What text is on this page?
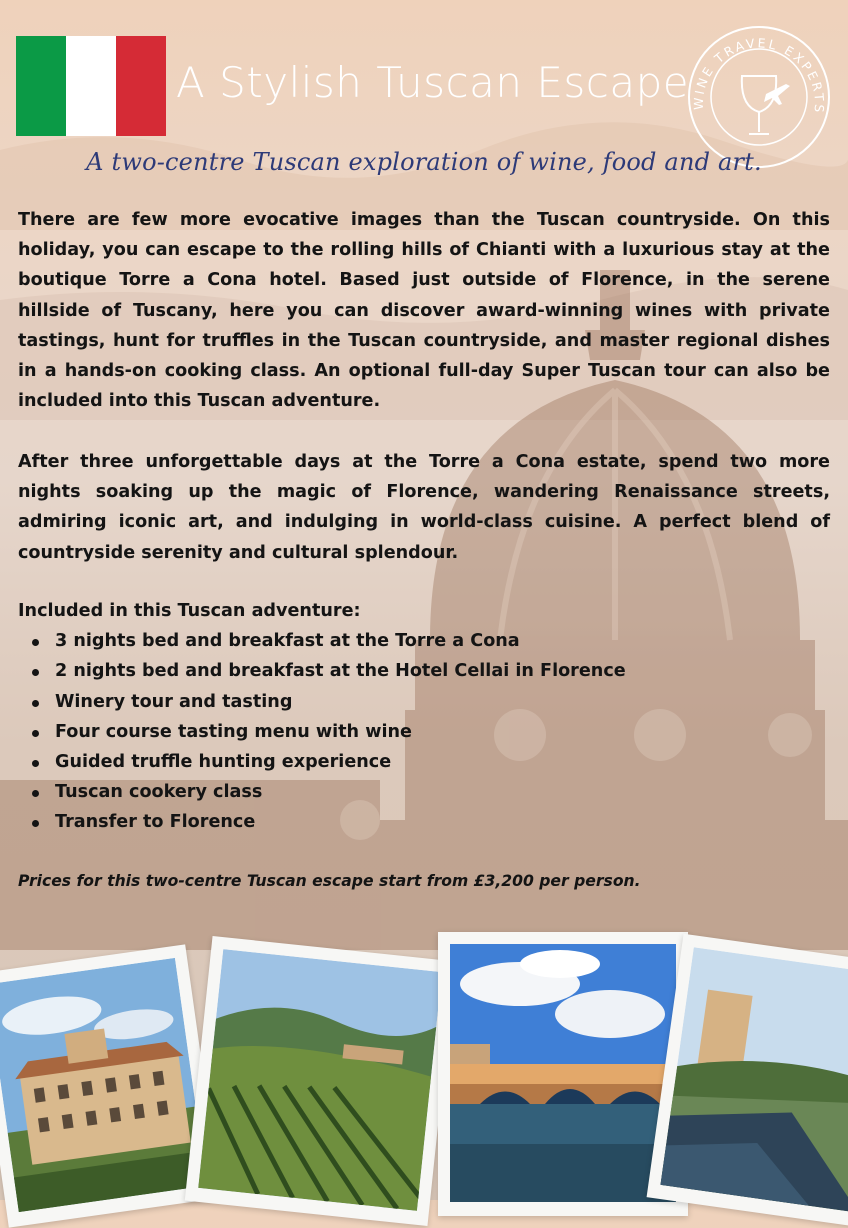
A Stylish Tuscan Escape WINE TRAVEL EXPERTS
A two-centre Tuscan exploration of wine, food and art.

There are few more evocative images than the Tuscan countryside. On this holiday, you can escape to the rolling hills of Chianti with a luxurious stay at the boutique Torre a Cona hotel. Based just outside of Florence, in the serene hillside of Tuscany, here you can discover award-winning wines with private tastings, hunt for truffles in the Tuscan countryside, and master regional dishes in a hands-on cooking class. An optional full-day Super Tuscan tour can also be included into this Tuscan adventure.

After three unforgettable days at the Torre a Cona estate, spend two more nights soaking up the magic of Florence, wandering Renaissance streets, admiring iconic art, and indulging in world-class cuisine. A perfect blend of countryside serenity and cultural splendour.

Included in this Tuscan adventure:

3 nights bed and breakfast at the Torre a Cona
2 nights bed and breakfast at the Hotel Cellai in Florence
Winery tour and tasting
Four course tasting menu with wine
Guided truffle hunting experience
Tuscan cookery class
Transfer to Florence
Prices for this two-centre Tuscan escape start from £3,200 per person.
